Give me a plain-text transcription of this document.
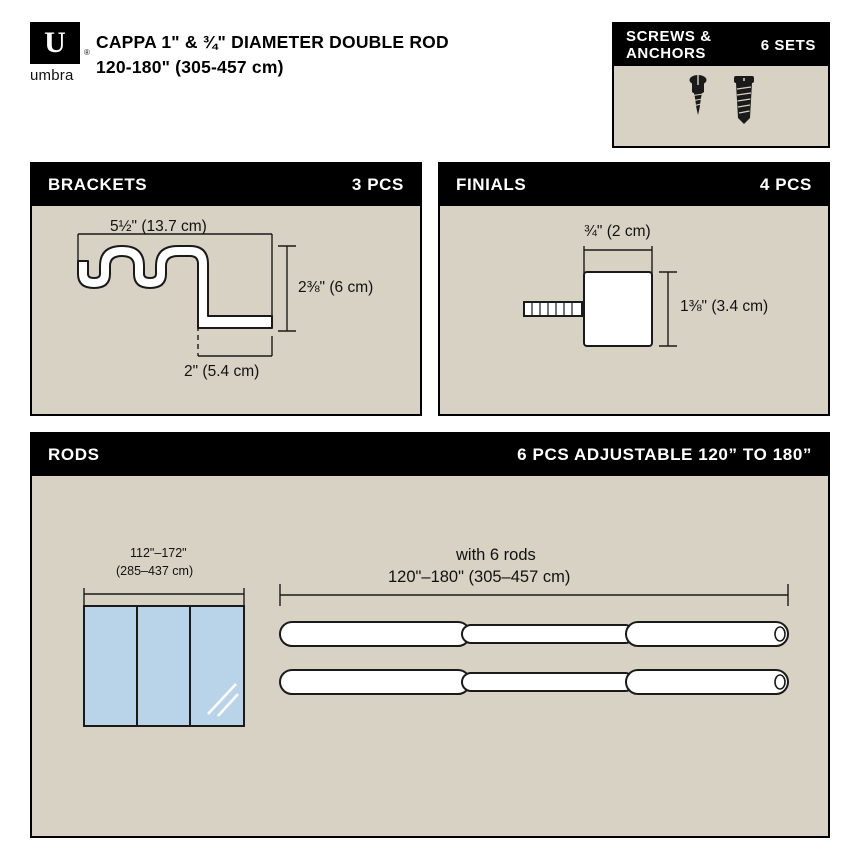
U
umbra
®
CAPPA 1" & ¾" DIAMETER DOUBLE ROD
120-180" (305-457 cm)
SCREWS &
ANCHORS	6 SETS
BRACKETS	3 PCS
5½" (13.7 cm)
2⅜" (6 cm)
2" (5.4 cm)
FINIALS	4 PCS
¾" (2 cm)
1⅜" (3.4 cm)
RODS	6 PCS ADJUSTABLE 120” TO 180”
112"–172"
(285–437 cm)
with 6 rods
120"–180" (305–457 cm)
